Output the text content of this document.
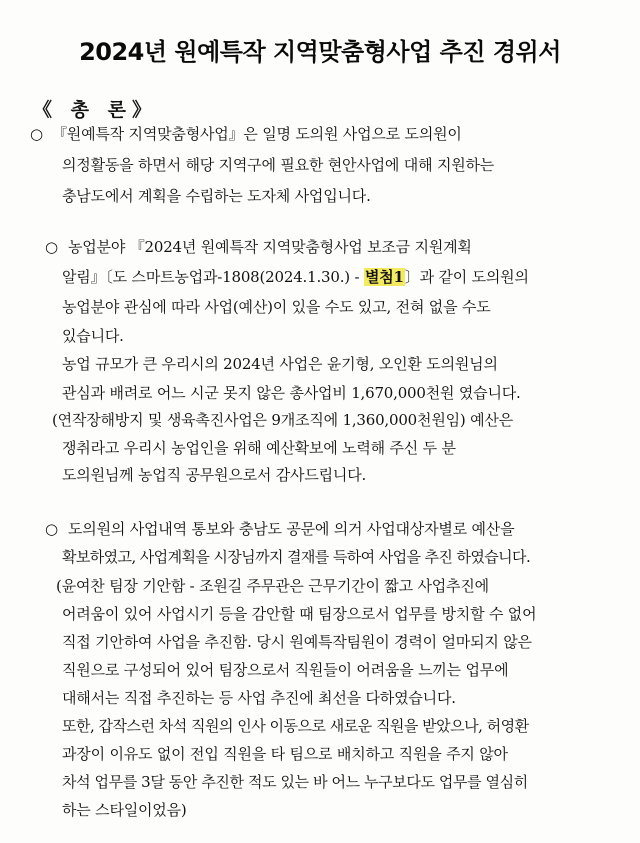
2024년 원예특작 지역맞춤형사업 추진 경위서
《 총 론》
○ 『원예특작 지역맞춤형사업』은 일명 도의원 사업으로 도의원이
의정활동을 하면서 해당 지역구에 필요한 현안사업에 대해 지원하는
충남도에서 계획을 수립하는 도자체 사업입니다.
○ 농업분야 『2024년 원예특작 지역맞춤형사업 보조금 지원계획
알림』〔도 스마트농업과-1808(2024.1.30.) - 별첨1〕과 같이 도의원의
농업분야 관심에 따라 사업(예산)이 있을 수도 있고, 전혀 없을 수도
있습니다.
농업 규모가 큰 우리시의 2024년 사업은 윤기형, 오인환 도의원님의
관심과 배려로 어느 시군 못지 않은 총사업비 1,670,000천원 였습니다.
(연작장해방지 및 생육촉진사업은 9개조직에 1,360,000천원임) 예산은
쟁취라고 우리시 농업인을 위해 예산확보에 노력해 주신 두 분
도의원님께 농업직 공무원으로서 감사드립니다.
○ 도의원의 사업내역 통보와 충남도 공문에 의거 사업대상자별로 예산을
확보하였고, 사업계획을 시장님까지 결재를 득하여 사업을 추진 하였습니다.
(윤여찬 팀장 기안함 - 조원길 주무관은 근무기간이 짧고 사업추진에
어려움이 있어 사업시기 등을 감안할 때 팀장으로서 업무를 방치할 수 없어
직접 기안하여 사업을 추진함. 당시 원예특작팀원이 경력이 얼마되지 않은
직원으로 구성되어 있어 팀장으로서 직원들이 어려움을 느끼는 업무에
대해서는 직접 추진하는 등 사업 추진에 최선을 다하였습니다.
또한, 갑작스런 차석 직원의 인사 이동으로 새로운 직원을 받았으나, 허영환
과장이 이유도 없이 전입 직원을 타 팀으로 배치하고 직원을 주지 않아
차석 업무를 3달 동안 추진한 적도 있는 바 어느 누구보다도 업무를 열심히
하는 스타일이었음)
